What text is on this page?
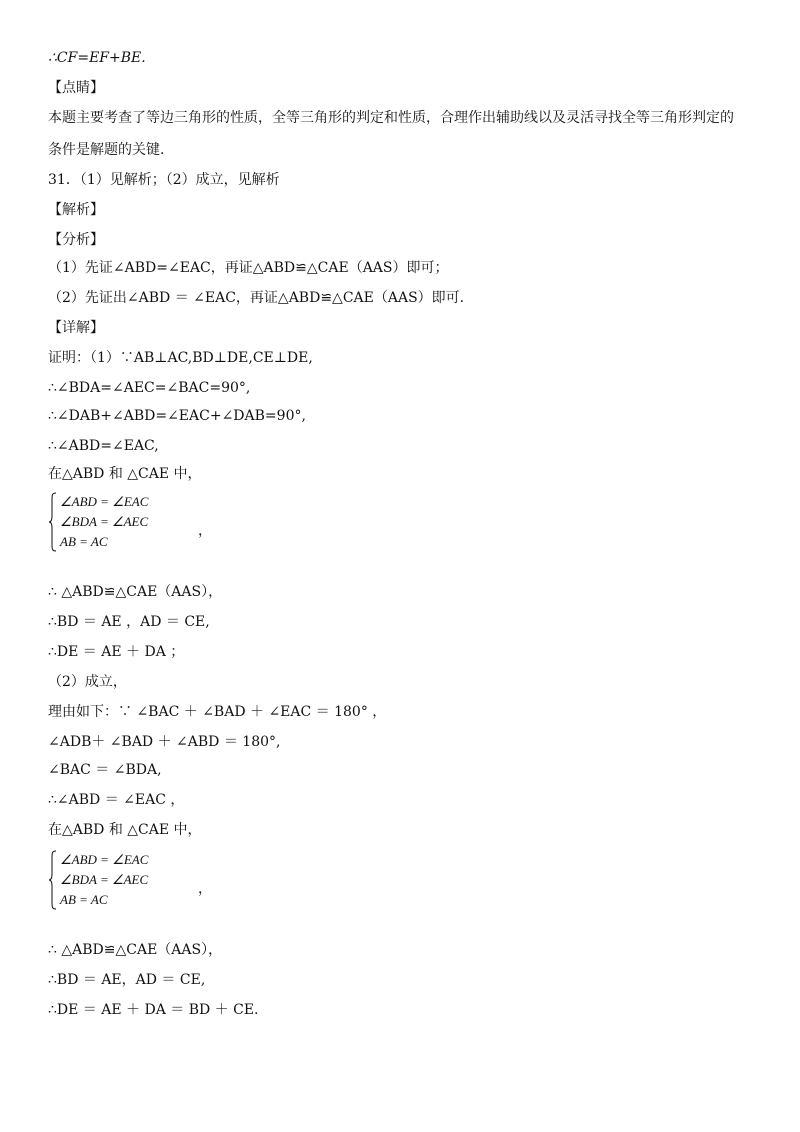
∴CF=EF+BE.
【点睛】
本题主要考查了等边三角形的性质，全等三角形的判定和性质，合理作出辅助线以及灵活寻找全等三角形判定的
条件是解题的关键.
31．（1）见解析；（2）成立，见解析
【解析】
【分析】
（1）先证∠ABD=∠EAC，再证△ABD≌△CAE（AAS）即可；
（2）先证出∠ABD ＝ ∠EAC，再证△ABD≌△CAE（AAS）即可.
【详解】
证明：（1）∵AB⊥AC,BD⊥DE,CE⊥DE,
∴∠BDA=∠AEC=∠BAC=90°,
∴∠DAB+∠ABD=∠EAC+∠DAB=90°,
∴∠ABD=∠EAC,
在△ABD 和 △CAE 中，
∠ABD = ∠EAC
∠BDA = ∠AEC
AB = AC
，
∴ △ABD≌△CAE（AAS），
∴BD ＝ AE ，AD ＝ CE,
∴DE ＝ AE ＋ DA ；
（2）成立，
理由如下：∵ ∠BAC ＋ ∠BAD ＋ ∠EAC ＝ 180° ，
∠ADB＋ ∠BAD ＋ ∠ABD ＝ 180°,
∠BAC ＝ ∠BDA,
∴∠ABD ＝ ∠EAC ，
在△ABD 和 △CAE 中，
∠ABD = ∠EAC
∠BDA = ∠AEC
AB = AC
，
∴ △ABD≌△CAE（AAS），
∴BD ＝ AE，AD ＝ CE,
∴DE ＝ AE ＋ DA ＝ BD ＋ CE.
